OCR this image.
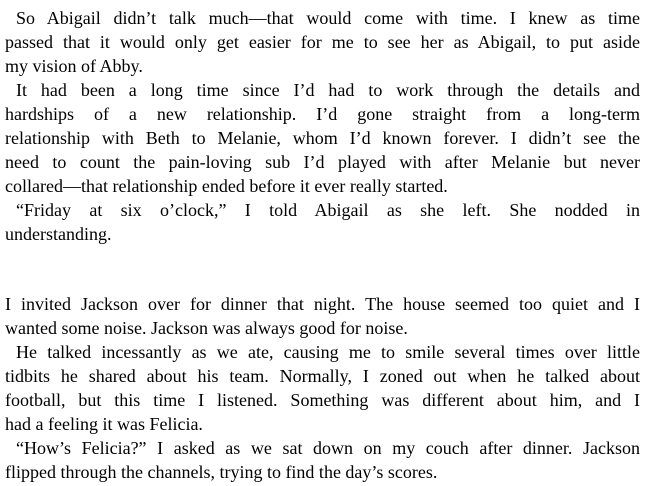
So Abigail didn’t talk much—that would come with time. I knew as time
passed that it would only get easier for me to see her as Abigail, to put aside
my vision of Abby.
It had been a long time since I’d had to work through the details and
hardships of a new relationship. I’d gone straight from a long-term
relationship with Beth to Melanie, whom I’d known forever. I didn’t see the
need to count the pain-loving sub I’d played with after Melanie but never
collared—that relationship ended before it ever really started.
“Friday at six o’clock,” I told Abigail as she left. She nodded in
understanding.
I invited Jackson over for dinner that night. The house seemed too quiet and I
wanted some noise. Jackson was always good for noise.
He talked incessantly as we ate, causing me to smile several times over little
tidbits he shared about his team. Normally, I zoned out when he talked about
football, but this time I listened. Something was different about him, and I
had a feeling it was Felicia.
“How’s Felicia?” I asked as we sat down on my couch after dinner. Jackson
flipped through the channels, trying to find the day’s scores.
